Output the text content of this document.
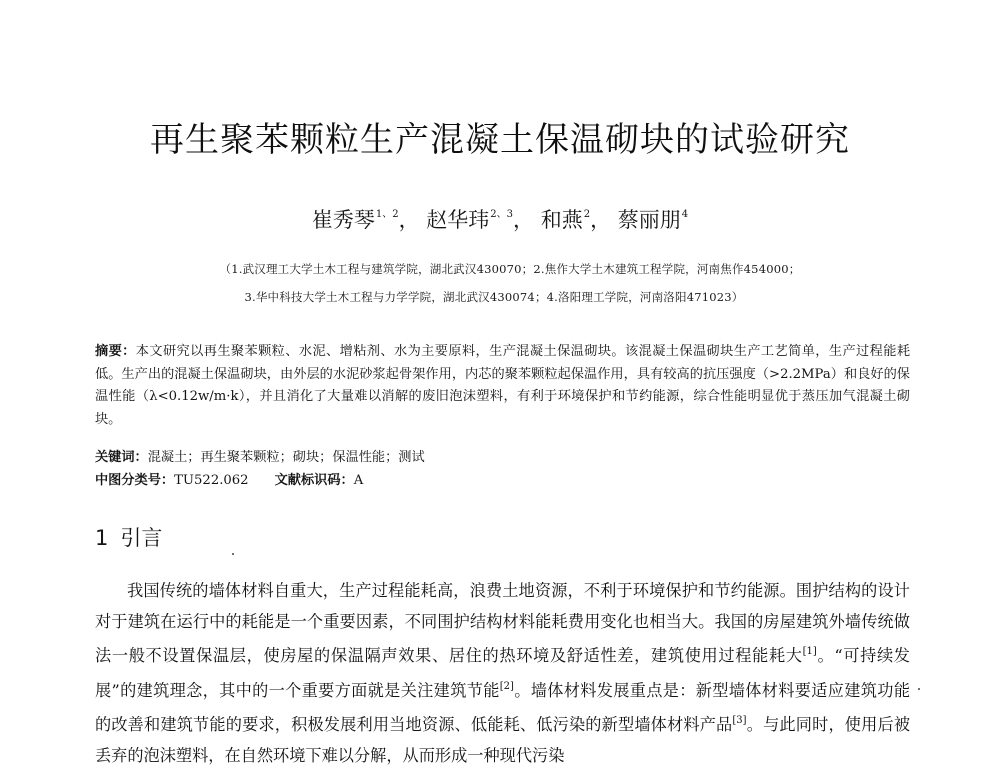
再生聚苯颗粒生产混凝土保温砌块的试验研究
崔秀琴$^{1、2}$， 赵华玮$^{2、3}$， 和燕$^2$， 蔡丽朋$^4$
（1.武汉理工大学土木工程与建筑学院，湖北武汉430070；2.焦作大学土木建筑工程学院，河南焦作454000；
3.华中科技大学土木工程与力学学院，湖北武汉430074；4.洛阳理工学院，河南洛阳471023）
摘要：本文研究以再生聚苯颗粒、水泥、增粘剂、水为主要原料，生产混凝土保温砌块。该混凝土保温砌块生产工艺简单，生产过程能耗低。生产出的混凝土保温砌块，由外层的水泥砂浆起骨架作用，内芯的聚苯颗粒起保温作用，具有较高的抗压强度（>2.2MPa）和良好的保温性能（λ<0.12w/m·k），并且消化了大量难以消解的废旧泡沫塑料，有利于环境保护和节约能源，综合性能明显优于蒸压加气混凝土砌块。
关键词：混凝土；再生聚苯颗粒；砌块；保温性能；测试
中图分类号：TU522.062 文献标识码：A
1 引言

我国传统的墙体材料自重大，生产过程能耗高，浪费土地资源，不利于环境保护和节约能源。围护结构的设计对于建筑在运行中的耗能是一个重要因素，不同围护结构材料能耗费用变化也相当大。我国的房屋建筑外墙传统做法一般不设置保温层，使房屋的保温隔声效果、居住的热环境及舒适性差，建筑使用过程能耗大[1]。“可持续发展”的建筑理念，其中的一个重要方面就是关注建筑节能[2]。墙体材料发展重点是：新型墙体材料要适应建筑功能的改善和建筑节能的要求，积极发展利用当地资源、低能耗、低污染的新型墙体材料产品[3]。与此同时，使用后被丢弃的泡沫塑料，在自然环境下难以分解，从而形成一种现代污染
